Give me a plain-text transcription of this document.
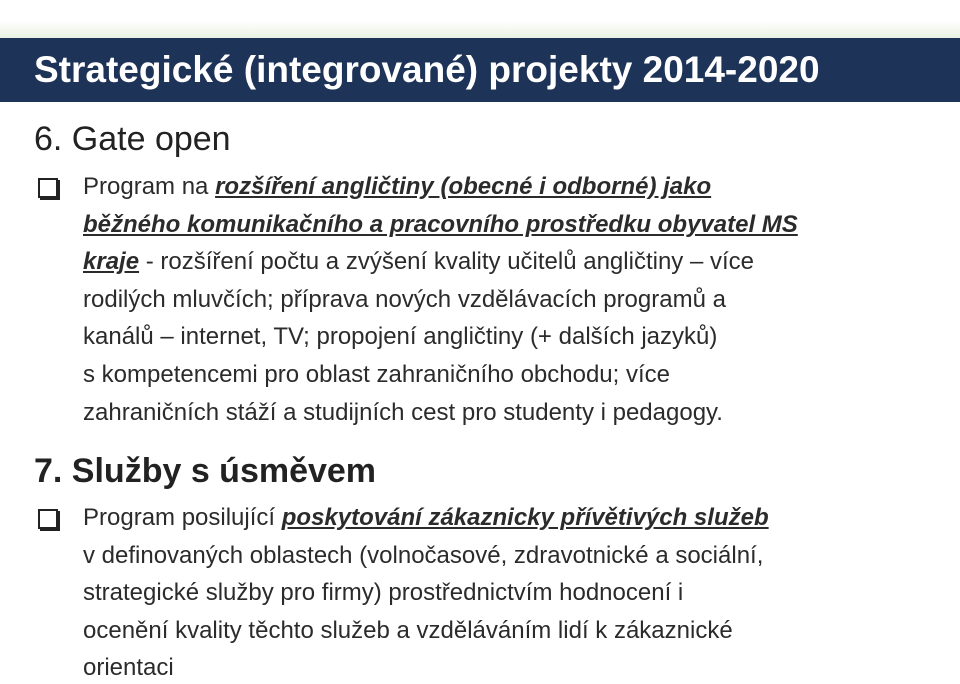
Strategické (integrované) projekty 2014-2020
6. Gate open
Program na rozšíření angličtiny (obecné i odborné) jako
běžného komunikačního a pracovního prostředku obyvatel MS
kraje - rozšíření počtu a zvýšení kvality učitelů angličtiny – více
rodilých mluvčích; příprava nových vzdělávacích programů a
kanálů – internet, TV; propojení angličtiny (+ dalších jazyků)
s kompetencemi pro oblast zahraničního obchodu; více
zahraničních stáží a studijních cest pro studenty i pedagogy.
7. Služby s úsměvem
Program posilující poskytování zákaznicky přívětivých služeb
v definovaných oblastech (volnočasové, zdravotnické a sociální,
strategické služby pro firmy) prostřednictvím hodnocení i
ocenění kvality těchto služeb a vzděláváním lidí k zákaznické
orientaci
